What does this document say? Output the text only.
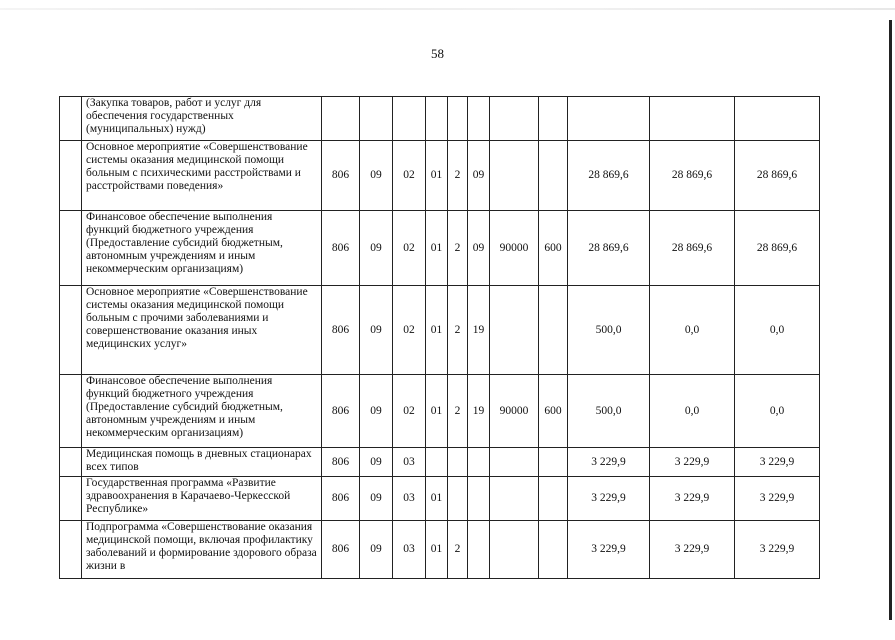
58
	(Закупка товаров, работ и услуг для обеспечения государственных (муниципальных) нужд)											
	Основное мероприятие «Совершенствование системы оказания медицинской помощи больным с психическими расстройствами и расстройствами поведения»	806	09	02	01	2	09			28 869,6	28 869,6	28 869,6
	Финансовое обеспечение выполнения функций бюджетного учреждения (Предоставление субсидий бюджетным, автономным учреждениям и иным некоммерческим организациям)	806	09	02	01	2	09	90000	600	28 869,6	28 869,6	28 869,6
	Основное мероприятие «Совершенствование системы оказания медицинской помощи больным с прочими заболеваниями и совершенствование оказания иных медицинских услуг»	806	09	02	01	2	19			500,0	0,0	0,0
	Финансовое обеспечение выполнения функций бюджетного учреждения (Предоставление субсидий бюджетным, автономным учреждениям и иным некоммерческим организациям)	806	09	02	01	2	19	90000	600	500,0	0,0	0,0
	Медицинская помощь в дневных стационарах всех типов	806	09	03						3 229,9	3 229,9	3 229,9
	Государственная программа «Развитие здравоохранения в Карачаево-Черкесской Республике»	806	09	03	01					3 229,9	3 229,9	3 229,9
	Подпрограмма «Совершенствование оказания медицинской помощи, включая профилактику заболеваний и формирование здорового образа жизни в	806	09	03	01	2				3 229,9	3 229,9	3 229,9
